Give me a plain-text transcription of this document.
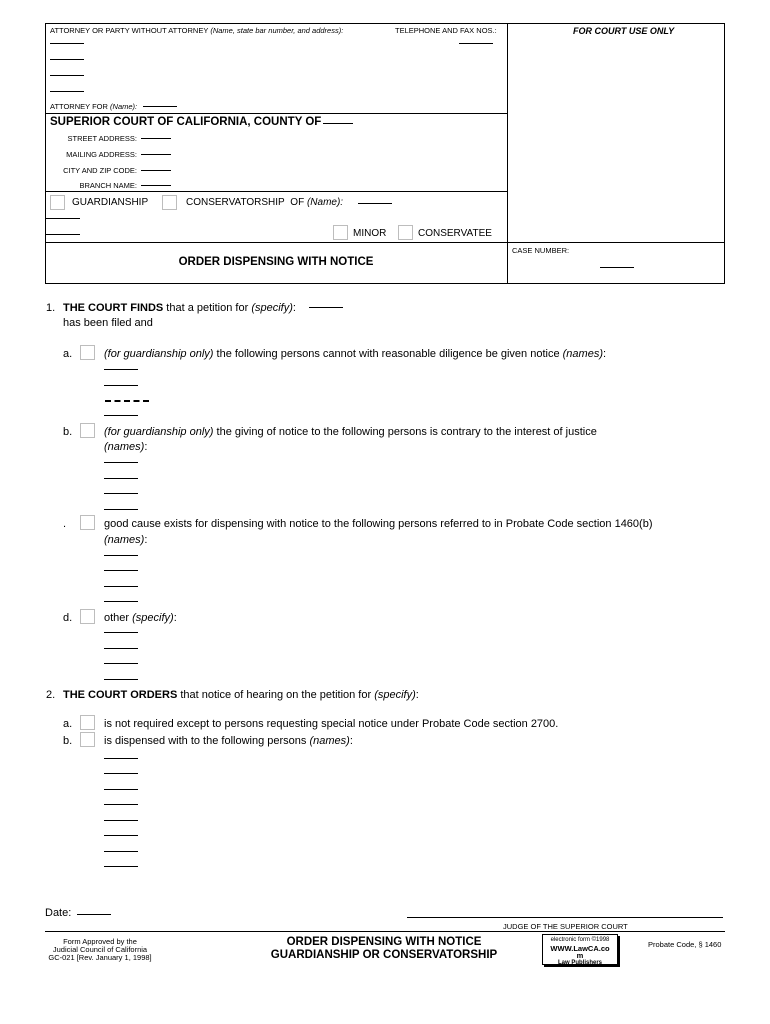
ATTORNEY OR PARTY WITHOUT ATTORNEY (Name, state bar number, and address):	TELEPHONE AND FAX NOS.:
ATTORNEY FOR (Name):
FOR COURT USE ONLY
SUPERIOR COURT OF CALIFORNIA, COUNTY OF
STREET ADDRESS:
MAILING ADDRESS:
CITY AND ZIP CODE:
BRANCH NAME:
GUARDIANSHIP	CONSERVATORSHIP OF (Name):
MINOR	CONSERVATEE
ORDER DISPENSING WITH NOTICE
CASE NUMBER:
1. THE COURT FINDS that a petition for (specify):
has been filed and
a.	(for guardianship only) the following persons cannot with reasonable diligence be given notice (names):
b.	(for guardianship only) the giving of notice to the following persons is contrary to the interest of justice
(names):
.	good cause exists for dispensing with notice to the following persons referred to in Probate Code section 1460(b)
(names):
d.	other (specify):
2. THE COURT ORDERS that notice of hearing on the petition for (specify):
a.	is not required except to persons requesting special notice under Probate Code section 2700.
b.	is dispensed with to the following persons (names):
Date:
JUDGE OF THE SUPERIOR COURT
Form Approved by the
Judicial Council of California
GC-021 [Rev. January 1, 1998]
ORDER DISPENSING WITH NOTICE
GUARDIANSHIP OR CONSERVATORSHIP
electronic form ©1998
WWW.LawCA.co
m
Law Publishers
Probate Code, § 1460
